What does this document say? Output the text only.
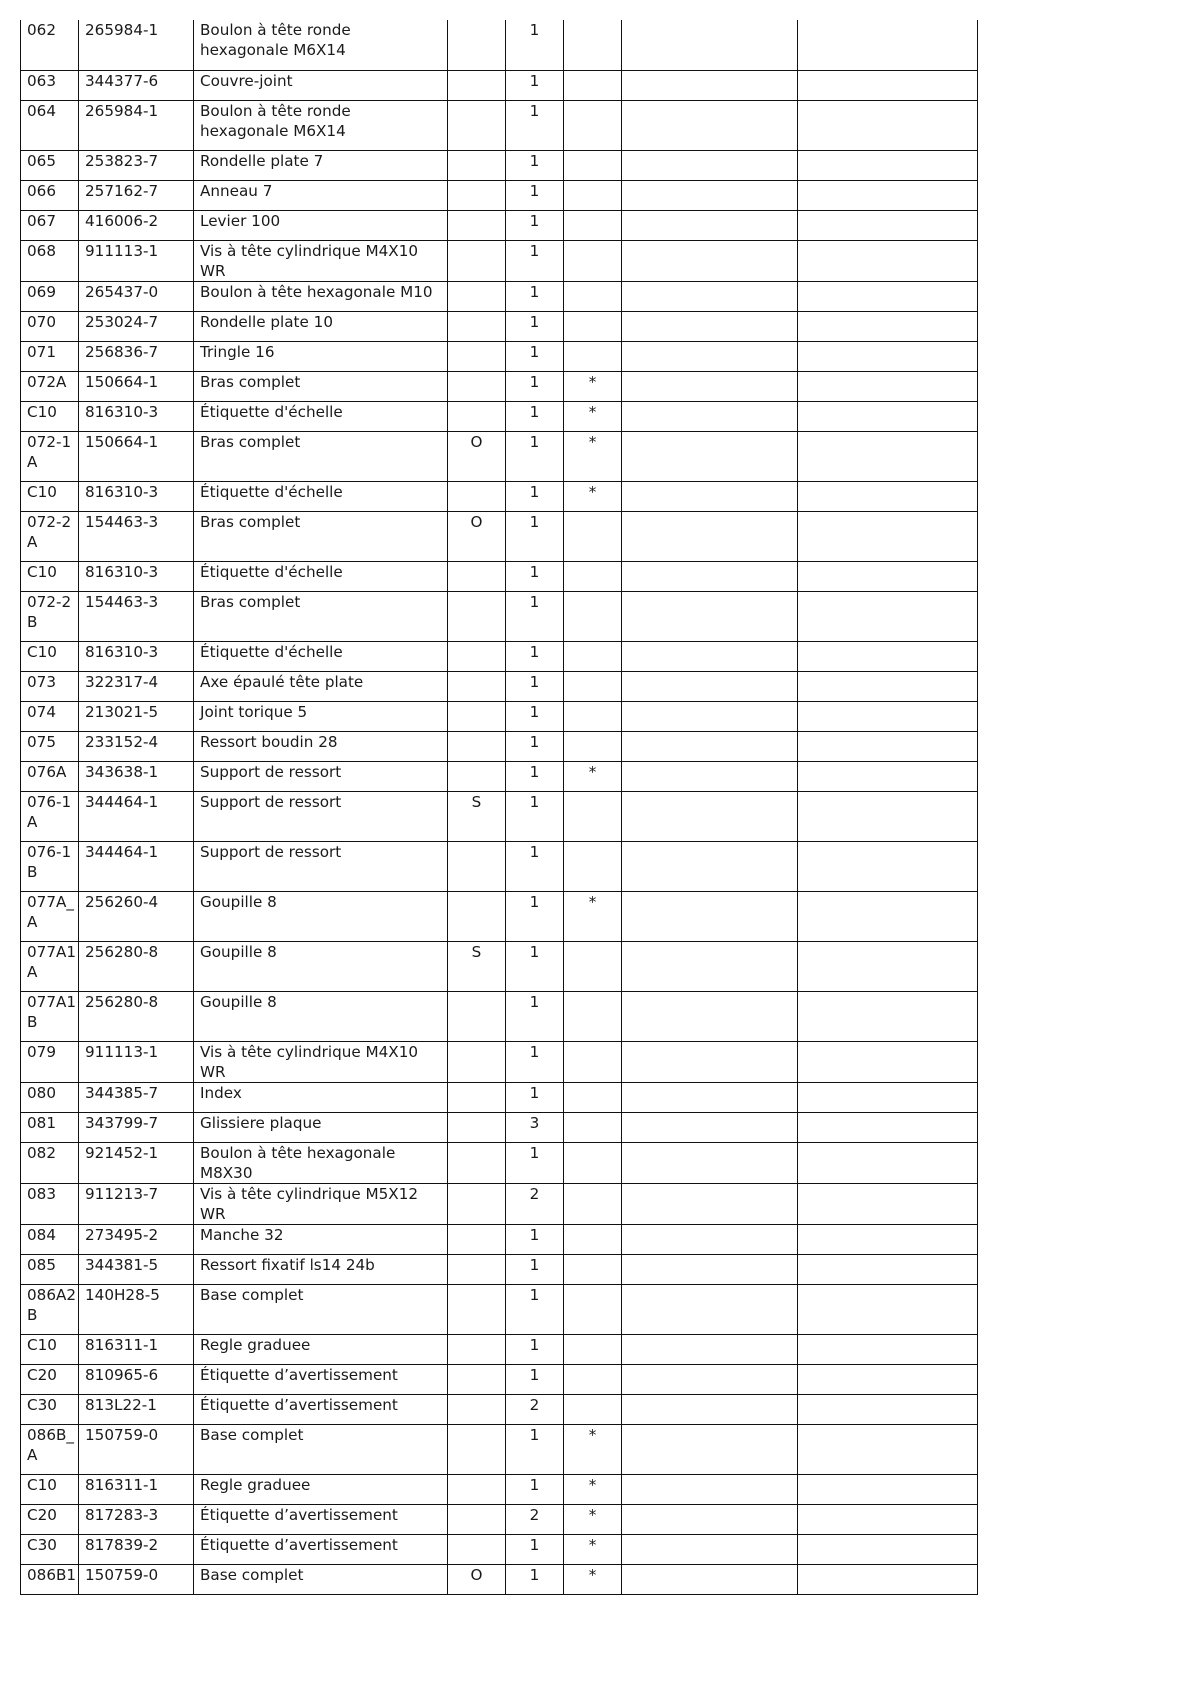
062	265984-1	Boulon à tête ronde hexagonale M6X14		1			
063	344377-6	Couvre-joint		1			
064	265984-1	Boulon à tête ronde hexagonale M6X14		1			
065	253823-7	Rondelle plate 7		1			
066	257162-7	Anneau 7		1			
067	416006-2	Levier 100		1			
068	911113-1	Vis à tête cylindrique M4X10 WR		1			
069	265437-0	Boulon à tête hexagonale M10		1			
070	253024-7	Rondelle plate 10		1			
071	256836-7	Tringle 16		1			
072A	150664-1	Bras complet		1	*		
C10	816310-3	Étiquette d'échelle		1	*		
072-1 A	150664-1	Bras complet	O	1	*		
C10	816310-3	Étiquette d'échelle		1	*		
072-2 A	154463-3	Bras complet	O	1			
C10	816310-3	Étiquette d'échelle		1			
072-2 B	154463-3	Bras complet		1			
C10	816310-3	Étiquette d'échelle		1			
073	322317-4	Axe épaulé tête plate		1			
074	213021-5	Joint torique 5		1			
075	233152-4	Ressort boudin 28		1			
076A	343638-1	Support de ressort		1	*		
076-1 A	344464-1	Support de ressort	S	1			
076-1 B	344464-1	Support de ressort		1			
077A_ A	256260-4	Goupille 8		1	*		
077A1 A	256280-8	Goupille 8	S	1			
077A1 B	256280-8	Goupille 8		1			
079	911113-1	Vis à tête cylindrique M4X10 WR		1			
080	344385-7	Index		1			
081	343799-7	Glissiere plaque		3			
082	921452-1	Boulon à tête hexagonale M8X30		1			
083	911213-7	Vis à tête cylindrique M5X12 WR		2			
084	273495-2	Manche 32		1			
085	344381-5	Ressort fixatif ls14 24b		1			
086A2 B	140H28-5	Base complet		1			
C10	816311-1	Regle graduee		1			
C20	810965-6	Étiquette d’avertissement		1			
C30	813L22-1	Étiquette d’avertissement		2			
086B_ A	150759-0	Base complet		1	*		
C10	816311-1	Regle graduee		1	*		
C20	817283-3	Étiquette d’avertissement		2	*		
C30	817839-2	Étiquette d’avertissement		1	*		
086B1	150759-0	Base complet	O	1	*		
